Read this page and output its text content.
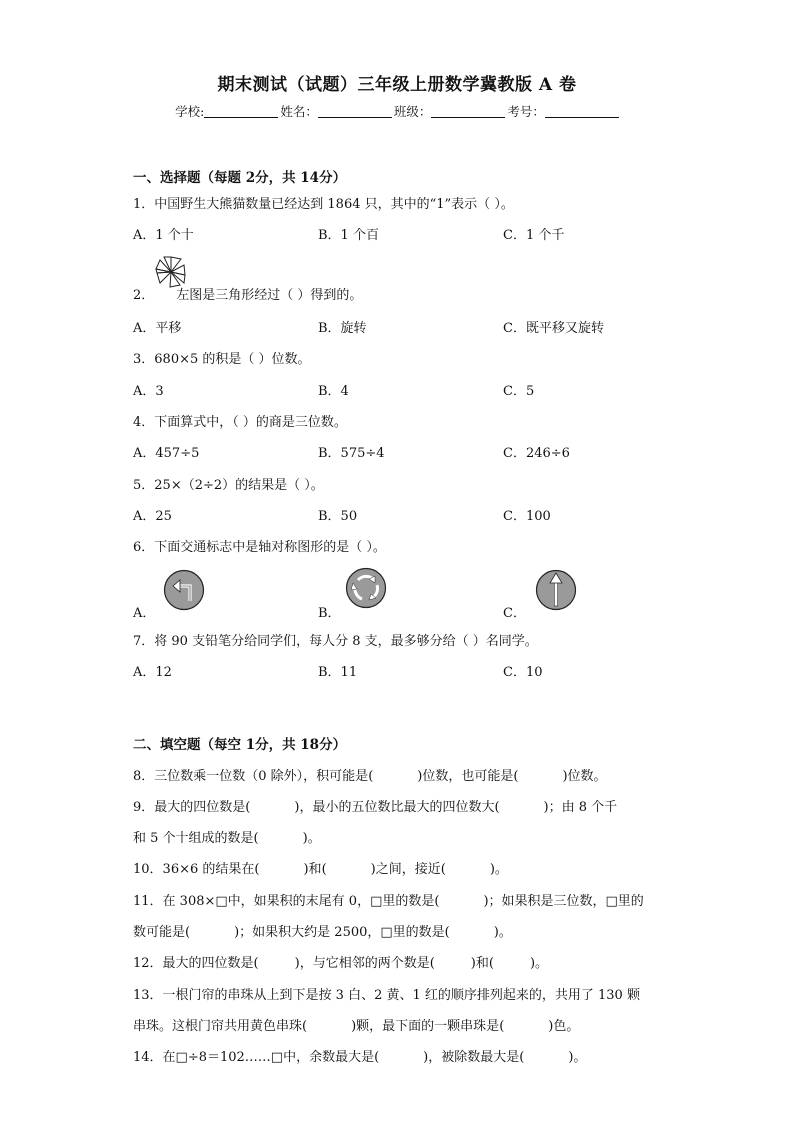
期末测试（试题）三年级上册数学冀教版 A 卷
学校:	姓名：	班级：	考号：
一、选择题（每题 2分，共 14分）
1．中国野生大熊猫数量已经达到 1864 只，其中的“1”表示（ ）。
A．1 个十	B．1 个百	C．1 个千
2． 左图是三角形经过（ ）得到的。
A．平移	B．旋转	C．既平移又旋转
3．680×5 的积是（ ）位数。
A．3	B．4	C．5
4．下面算式中，（ ）的商是三位数。
A．457÷5	B．575÷4	C．246÷6
5．25×（2÷2）的结果是（ ）。
A．25	B．50	C．100
6．下面交通标志中是轴对称图形的是（ ）。
A．	B．	C．
7．将 90 支铅笔分给同学们，每人分 8 支，最多够分给（ ）名同学。
A．12	B．11	C．10
二、填空题（每空 1分，共 18分）
8．三位数乘一位数（0 除外），积可能是(	)位数，也可能是(	)位数。
9．最大的四位数是(	)，最小的五位数比最大的四位数大(	)；由 8 个千
和 5 个十组成的数是(	)。
10．36×6 的结果在(	)和(	)之间，接近(	)。
11．在 308×□中，如果积的末尾有 0，□里的数是(	)；如果积是三位数，□里的
数可能是(	)；如果积大约是 2500，□里的数是(	)。
12．最大的四位数是(	)，与它相邻的两个数是(	)和(	)。
13．一根门帘的串珠从上到下是按 3 白、2 黄、1 红的顺序排列起来的，共用了 130 颗
串珠。这根门帘共用黄色串珠(	)颗，最下面的一颗串珠是(	)色。
14．在□÷8＝102……□中，余数最大是(	)，被除数最大是(	)。
